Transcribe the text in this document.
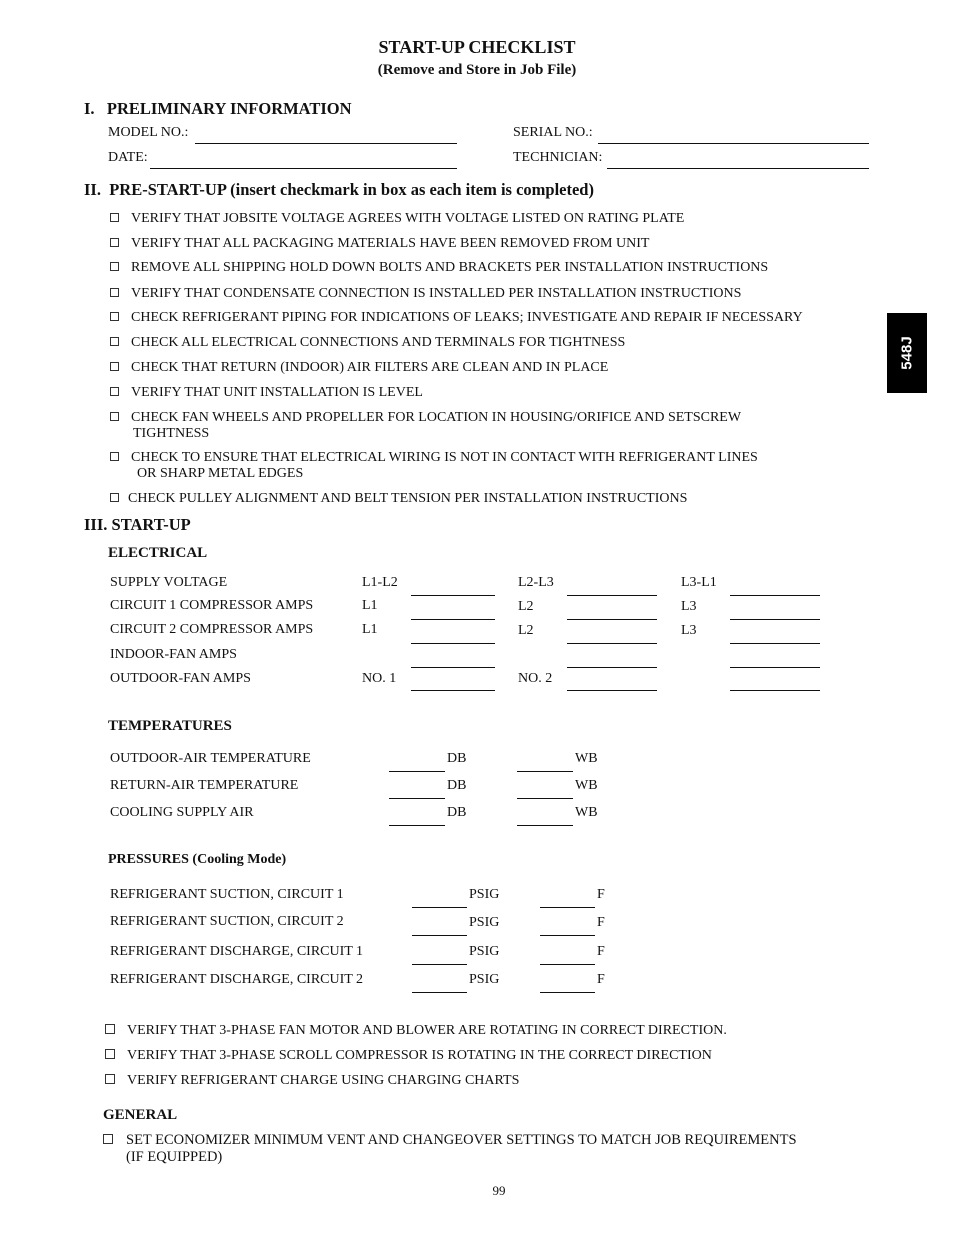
START-UP CHECKLIST
(Remove and Store in Job File)
548J
I.   PRELIMINARY INFORMATION
MODEL NO.:	SERIAL NO.:
DATE:	TECHNICIAN:
II.  PRE-START-UP (insert checkmark in box as each item is completed)
VERIFY THAT JOBSITE VOLTAGE AGREES WITH VOLTAGE LISTED ON RATING PLATE
VERIFY THAT ALL PACKAGING MATERIALS HAVE BEEN REMOVED FROM UNIT
REMOVE ALL SHIPPING HOLD DOWN BOLTS AND BRACKETS PER INSTALLATION INSTRUCTIONS
VERIFY THAT CONDENSATE CONNECTION IS INSTALLED PER INSTALLATION INSTRUCTIONS
CHECK REFRIGERANT PIPING FOR INDICATIONS OF LEAKS; INVESTIGATE AND REPAIR IF NECESSARY
CHECK ALL ELECTRICAL CONNECTIONS AND TERMINALS FOR TIGHTNESS
CHECK THAT RETURN (INDOOR) AIR FILTERS ARE CLEAN AND IN PLACE
VERIFY THAT UNIT INSTALLATION IS LEVEL
CHECK FAN WHEELS AND PROPELLER FOR LOCATION IN HOUSING/ORIFICE AND SETSCREW
TIGHTNESS
CHECK TO ENSURE THAT ELECTRICAL WIRING IS NOT IN CONTACT WITH REFRIGERANT LINES
OR SHARP METAL EDGES
CHECK PULLEY ALIGNMENT AND BELT TENSION PER INSTALLATION INSTRUCTIONS
III. START-UP
ELECTRICAL
SUPPLY VOLTAGE	L1-L2	L2-L3	L3-L1
CIRCUIT 1 COMPRESSOR AMPS	L1	L2	L3
CIRCUIT 2 COMPRESSOR AMPS	L1	L2	L3
INDOOR-FAN AMPS
OUTDOOR-FAN AMPS	NO. 1	NO. 2
TEMPERATURES
OUTDOOR-AIR TEMPERATURE	DB	WB
RETURN-AIR TEMPERATURE	DB	WB
COOLING SUPPLY AIR	DB	WB
PRESSURES (Cooling Mode)
REFRIGERANT SUCTION, CIRCUIT 1	PSIG	F
REFRIGERANT SUCTION, CIRCUIT 2	PSIG	F
REFRIGERANT DISCHARGE, CIRCUIT 1	PSIG	F
REFRIGERANT DISCHARGE, CIRCUIT 2	PSIG	F
VERIFY THAT 3-PHASE FAN MOTOR AND BLOWER ARE ROTATING IN CORRECT DIRECTION.
VERIFY THAT 3-PHASE SCROLL COMPRESSOR IS ROTATING IN THE CORRECT DIRECTION
VERIFY REFRIGERANT CHARGE USING CHARGING CHARTS
GENERAL
SET ECONOMIZER MINIMUM VENT AND CHANGEOVER SETTINGS TO MATCH JOB REQUIREMENTS
(IF EQUIPPED)
99
